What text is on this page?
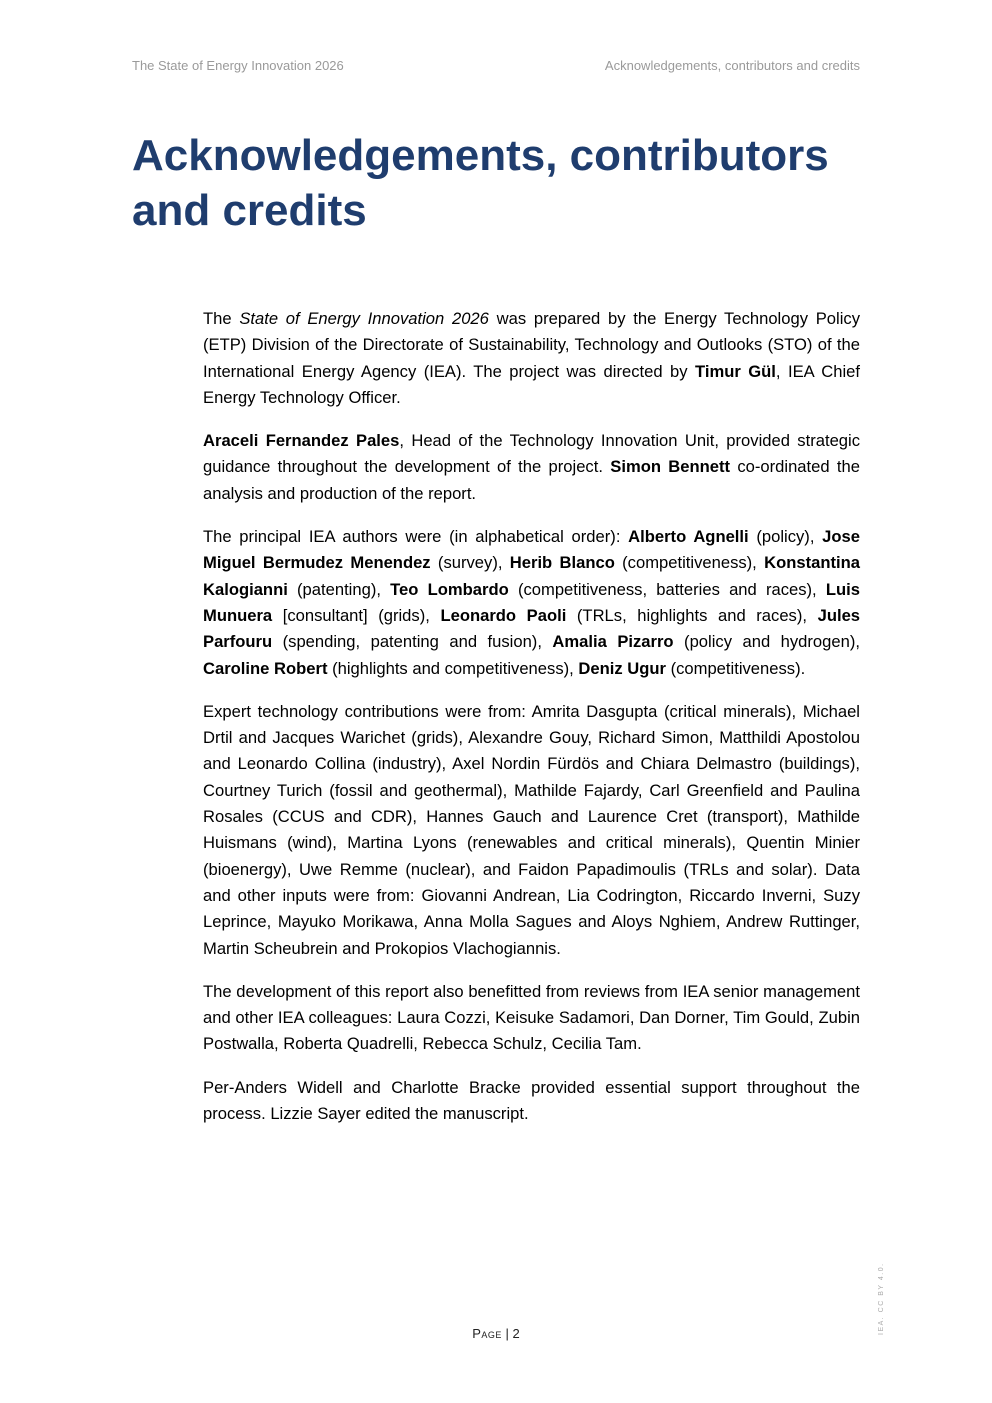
The State of Energy Innovation 2026	Acknowledgements, contributors and credits
Acknowledgements, contributors and credits

The State of Energy Innovation 2026 was prepared by the Energy Technology Policy (ETP) Division of the Directorate of Sustainability, Technology and Outlooks (STO) of the International Energy Agency (IEA). The project was directed by Timur Gül, IEA Chief Energy Technology Officer.

Araceli Fernandez Pales, Head of the Technology Innovation Unit, provided strategic guidance throughout the development of the project. Simon Bennett co-ordinated the analysis and production of the report.

The principal IEA authors were (in alphabetical order): Alberto Agnelli (policy), Jose Miguel Bermudez Menendez (survey), Herib Blanco (competitiveness), Konstantina Kalogianni (patenting), Teo Lombardo (competitiveness, batteries and races), Luis Munuera [consultant] (grids), Leonardo Paoli (TRLs, highlights and races), Jules Parfouru (spending, patenting and fusion), Amalia Pizarro (policy and hydrogen), Caroline Robert (highlights and competitiveness), Deniz Ugur (competitiveness).

Expert technology contributions were from: Amrita Dasgupta (critical minerals), Michael Drtil and Jacques Warichet (grids), Alexandre Gouy, Richard Simon, Matthildi Apostolou and Leonardo Collina (industry), Axel Nordin Fürdös and Chiara Delmastro (buildings), Courtney Turich (fossil and geothermal), Mathilde Fajardy, Carl Greenfield and Paulina Rosales (CCUS and CDR), Hannes Gauch and Laurence Cret (transport), Mathilde Huismans (wind), Martina Lyons (renewables and critical minerals), Quentin Minier (bioenergy), Uwe Remme (nuclear), and Faidon Papadimoulis (TRLs and solar). Data and other inputs were from: Giovanni Andrean, Lia Codrington, Riccardo Inverni, Suzy Leprince, Mayuko Morikawa, Anna Molla Sagues and Aloys Nghiem, Andrew Ruttinger, Martin Scheubrein and Prokopios Vlachogiannis.

The development of this report also benefitted from reviews from IEA senior management and other IEA colleagues: Laura Cozzi, Keisuke Sadamori, Dan Dorner, Tim Gould, Zubin Postwalla, Roberta Quadrelli, Rebecca Schulz, Cecilia Tam.

Per-Anders Widell and Charlotte Bracke provided essential support throughout the process. Lizzie Sayer edited the manuscript.

Page | 2	IEA. CC BY 4.0.
